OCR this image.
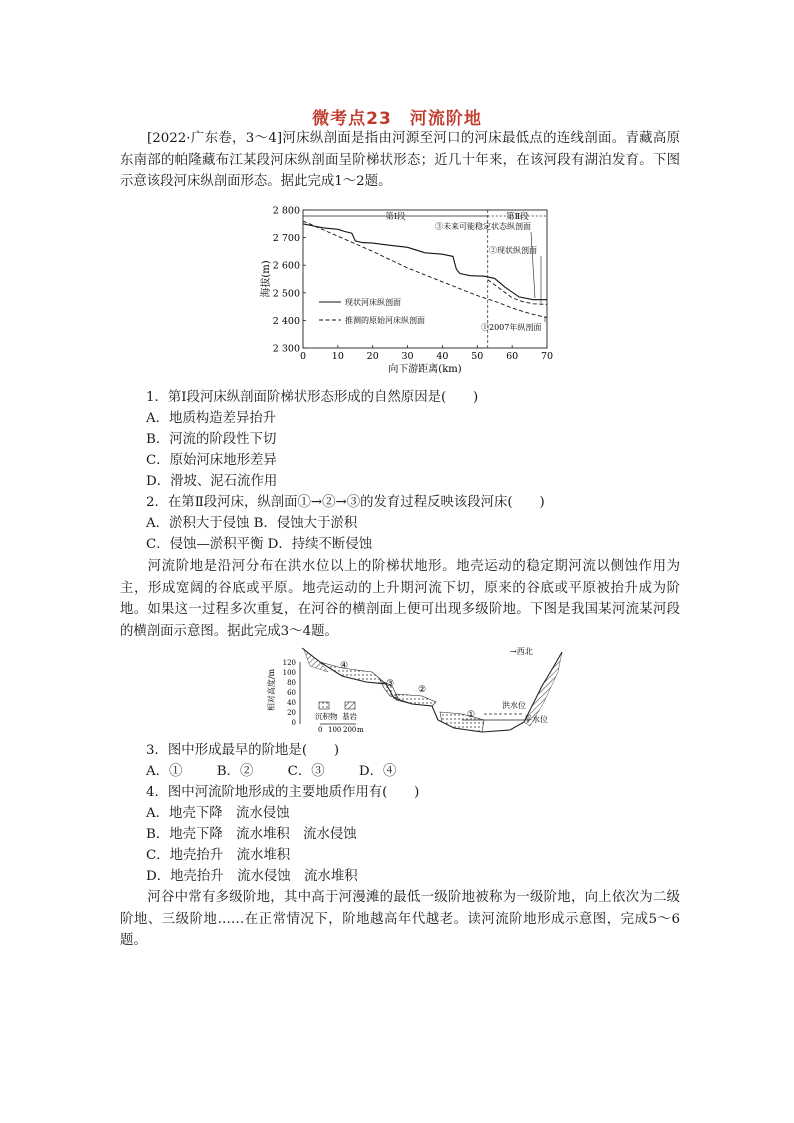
微考点23　河流阶地

[2022·广东卷，3～4]河床纵剖面是指由河源至河口的河床最低点的连线剖面。青藏高原东南部的帕隆藏布江某段河床纵剖面呈阶梯状形态；近几十年来，在该河段有湖泊发育。下图示意该段河床纵剖面形态。据此完成1～2题。

0	10 20 30 40 50 60 70
2 300
2 400
2 500
2 600
2 700
2 800
向下游距离(km)
海拔(m)
第Ⅰ段	第Ⅱ段
现状河床纵剖面
推测的原始河床纵剖面
③未来可能稳定状态纵剖面
②现状纵剖面
①2007年纵剖面

1．第Ⅰ段河床纵剖面阶梯状形态形成的自然原因是(　　)

A．地质构造差异抬升

B．河流的阶段性下切

C．原始河床地形差异

D．滑坡、泥石流作用

2．在第Ⅱ段河床，纵剖面①→②→③的发育过程反映该段河床(　　)

A．淤积大于侵蚀 B．侵蚀大于淤积

C．侵蚀—淤积平衡 D．持续不断侵蚀

河流阶地是沿河分布在洪水位以上的阶梯状地形。地壳运动的稳定期河流以侧蚀作用为主，形成宽阔的谷底或平原。地壳运动的上升期河流下切，原来的谷底或平原被抬升成为阶地。如果这一过程多次重复，在河谷的横剖面上便可出现多级阶地。下图是我国某河流某河段的横剖面示意图。据此完成3～4题。

相对高度/m
120
100
80
60
40
20
0
④
③
②
①
→西北
洪水位
平水位
沉积物 基岩
0 100 200 m

3．图中形成最早的阶地是(　　)

A．①	B．②	C．③	D．④

4．图中河流阶地形成的主要地质作用有(　　)

A．地壳下降　流水侵蚀

B．地壳下降　流水堆积　流水侵蚀

C．地壳抬升　流水堆积

D．地壳抬升　流水侵蚀　流水堆积

河谷中常有多级阶地，其中高于河漫滩的最低一级阶地被称为一级阶地，向上依次为二级阶地、三级阶地……在正常情况下，阶地越高年代越老。读河流阶地形成示意图，完成5～6题。
